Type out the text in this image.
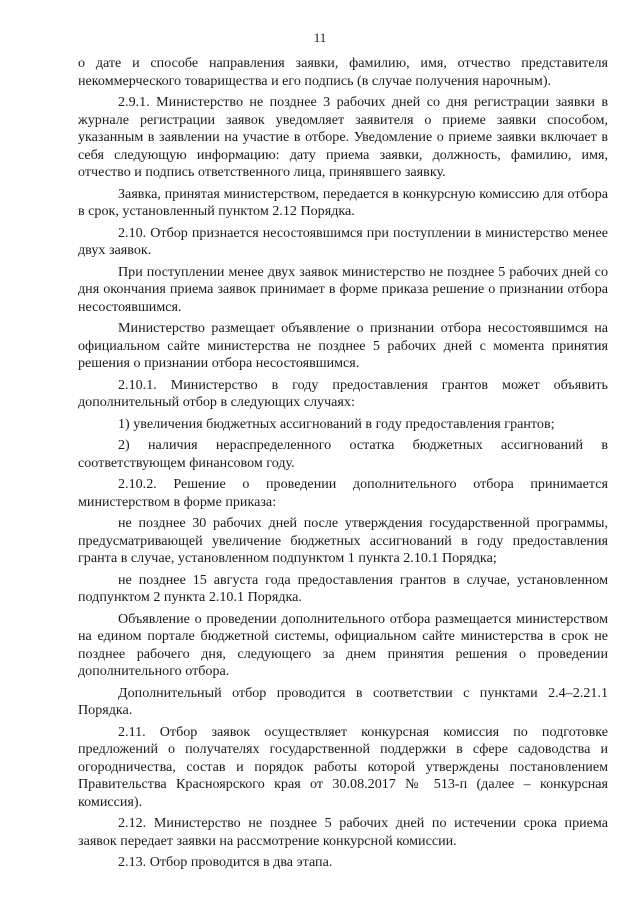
11

о дате и способе направления заявки, фамилию, имя, отчество представителя некоммерческого товарищества и его подпись (в случае получения нарочным).

2.9.1. Министерство не позднее 3 рабочих дней со дня регистрации заявки в журнале регистрации заявок уведомляет заявителя о приеме заявки способом, указанным в заявлении на участие в отборе. Уведомление о приеме заявки включает в себя следующую информацию: дату приема заявки, должность, фамилию, имя, отчество и подпись ответственного лица, принявшего заявку.

Заявка, принятая министерством, передается в конкурсную комиссию для отбора в срок, установленный пунктом 2.12 Порядка.

2.10. Отбор признается несостоявшимся при поступлении в министерство менее двух заявок.

При поступлении менее двух заявок министерство не позднее 5 рабочих дней со дня окончания приема заявок принимает в форме приказа решение о признании отбора несостоявшимся.

Министерство размещает объявление о признании отбора несостоявшимся на официальном сайте министерства не позднее 5 рабочих дней с момента принятия решения о признании отбора несостоявшимся.

2.10.1. Министерство в году предоставления грантов может объявить дополнительный отбор в следующих случаях:

1) увеличения бюджетных ассигнований в году предоставления грантов;

2) наличия нераспределенного остатка бюджетных ассигнований в соответствующем финансовом году.

2.10.2. Решение о проведении дополнительного отбора принимается министерством в форме приказа:

не позднее 30 рабочих дней после утверждения государственной программы, предусматривающей увеличение бюджетных ассигнований в году предоставления гранта в случае, установленном подпунктом 1 пункта 2.10.1 Порядка;

не позднее 15 августа года предоставления грантов в случае, установленном подпунктом 2 пункта 2.10.1 Порядка.

Объявление о проведении дополнительного отбора размещается министерством на едином портале бюджетной системы, официальном сайте министерства в срок не позднее рабочего дня, следующего за днем принятия решения о проведении дополнительного отбора.

Дополнительный отбор проводится в соответствии с пунктами 2.4–2.21.1 Порядка.

2.11. Отбор заявок осуществляет конкурсная комиссия по подготовке предложений о получателях государственной поддержки в сфере садоводства и огородничества, состав и порядок работы которой утверждены постановлением Правительства Красноярского края от 30.08.2017 № 513-п (далее – конкурсная комиссия).

2.12. Министерство не позднее 5 рабочих дней по истечении срока приема заявок передает заявки на рассмотрение конкурсной комиссии.

2.13. Отбор проводится в два этапа.
